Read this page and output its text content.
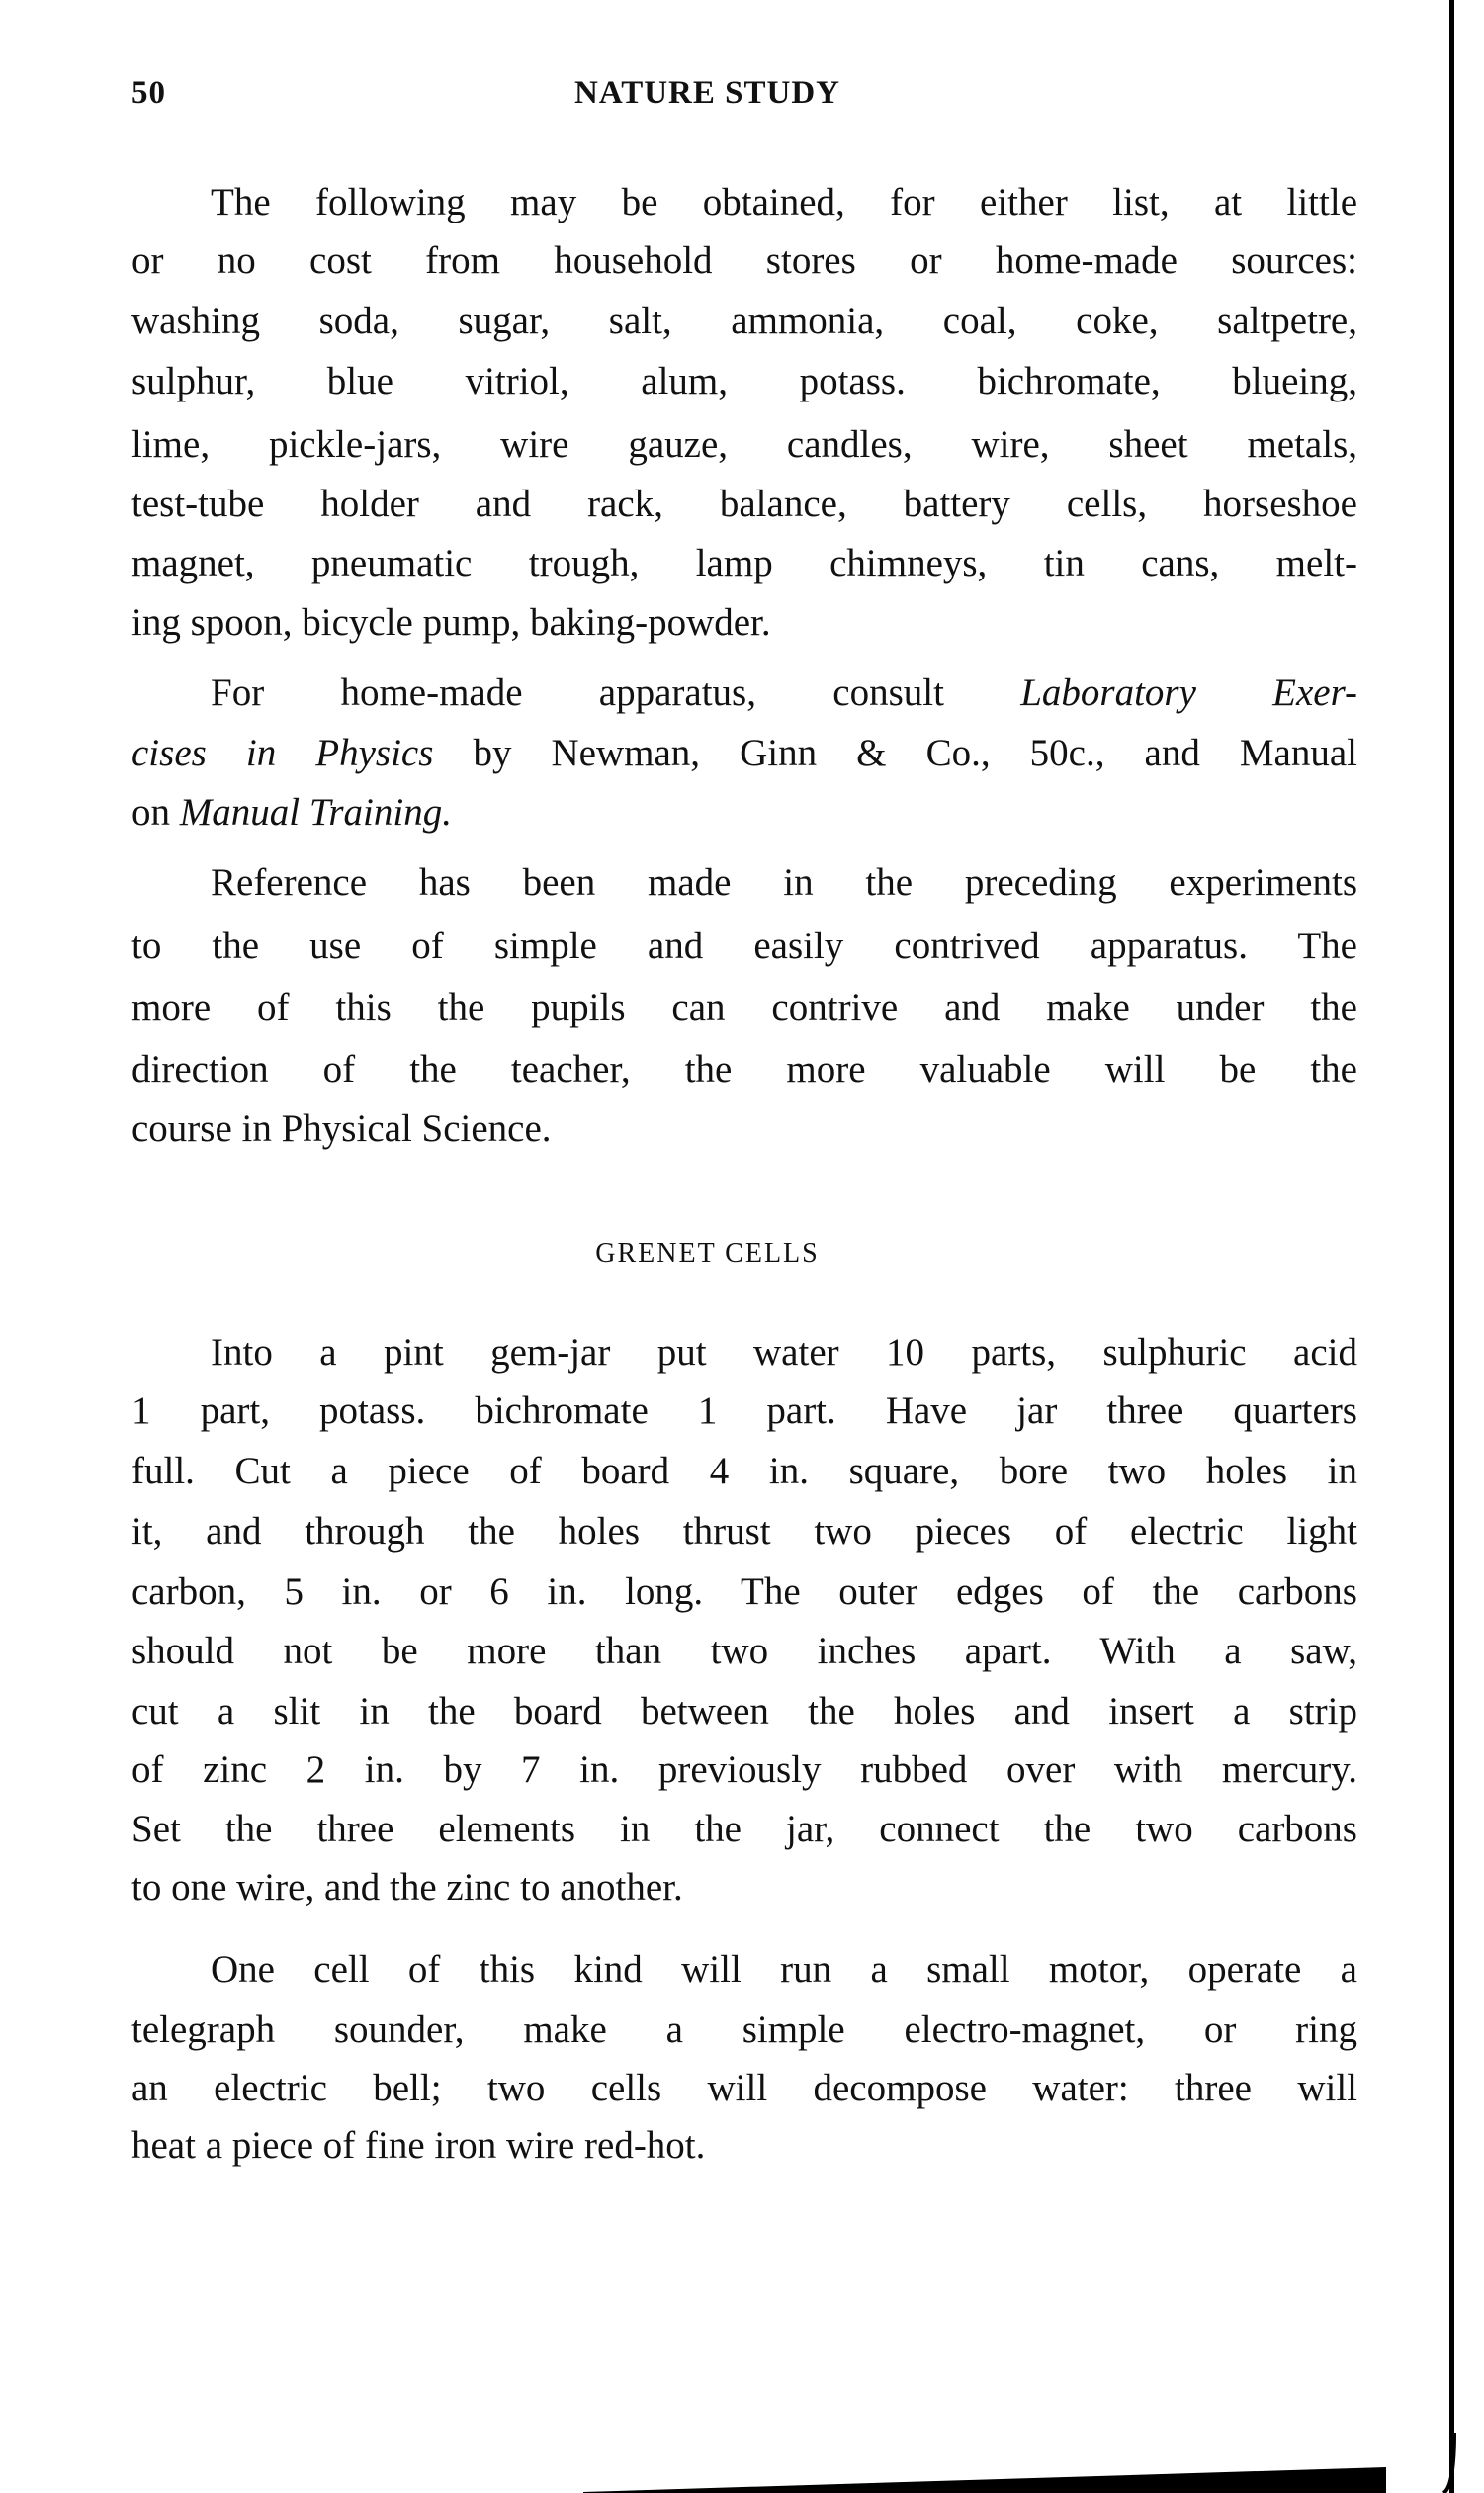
50	NATURE STUDY
GRENET CELLS
The following may be obtained, for either list, at little
or no cost from household stores or home-made sources:
washing soda, sugar, salt, ammonia, coal, coke, saltpetre,
sulphur, blue vitriol, alum, potass. bichromate, blueing,
lime, pickle-jars, wire gauze, candles, wire, sheet metals,
test-tube holder and rack, balance, battery cells, horseshoe
magnet, pneumatic trough, lamp chimneys, tin cans, melt-
ing spoon, bicycle pump, baking-powder.
For home-made apparatus, consult Laboratory Exer-
cises in Physics by Newman, Ginn & Co., 50c., and Manual
on Manual Training.
Reference has been made in the preceding experiments
to the use of simple and easily contrived apparatus. The
more of this the pupils can contrive and make under the
direction of the teacher, the more valuable will be the
course in Physical Science.
Into a pint gem-jar put water 10 parts, sulphuric acid
1 part, potass. bichromate 1 part. Have jar three quarters
full. Cut a piece of board 4 in. square, bore two holes in
it, and through the holes thrust two pieces of electric light
carbon, 5 in. or 6 in. long. The outer edges of the carbons
should not be more than two inches apart. With a saw,
cut a slit in the board between the holes and insert a strip
of zinc 2 in. by 7 in. previously rubbed over with mercury.
Set the three elements in the jar, connect the two carbons
to one wire, and the zinc to another.
One cell of this kind will run a small motor, operate a
telegraph sounder, make a simple electro-magnet, or ring
an electric bell; two cells will decompose water: three will
heat a piece of fine iron wire red-hot.
